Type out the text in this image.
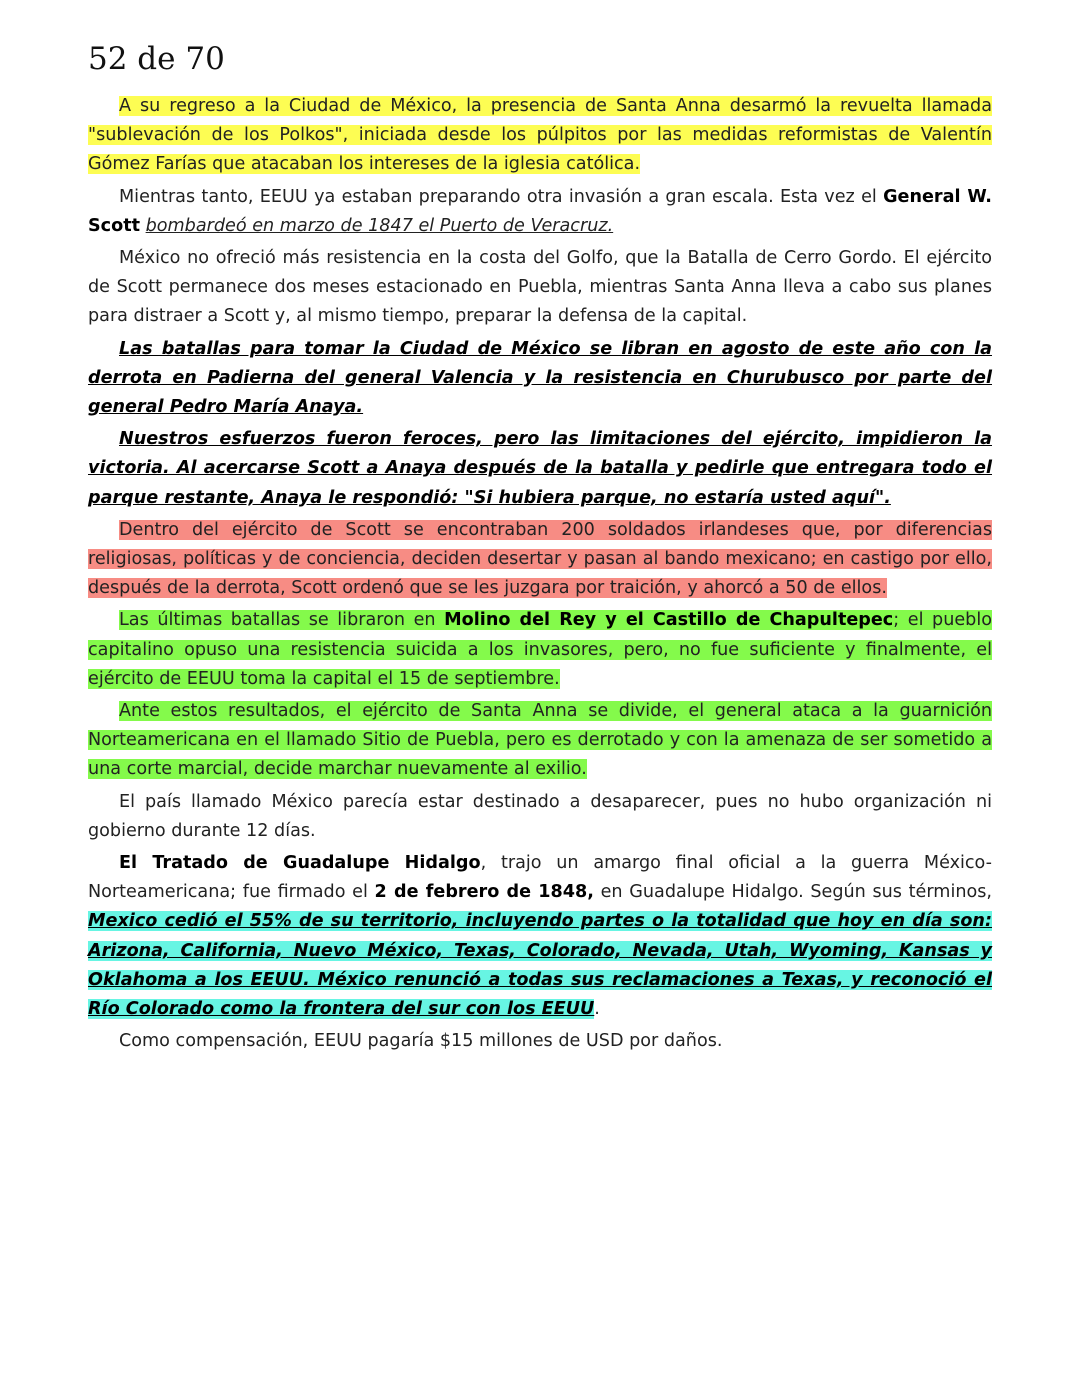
52 de 70

A su regreso a la Ciudad de México, la presencia de Santa Anna desarmó la revuelta llamada "sublevación de los Polkos", iniciada desde los púlpitos por las medidas reformistas de Valentín Gómez Farías que atacaban los intereses de la iglesia católica.

Mientras tanto, EEUU ya estaban preparando otra invasión a gran escala. Esta vez el General W. Scott bombardeó en marzo de 1847 el Puerto de Veracruz.

México no ofreció más resistencia en la costa del Golfo, que la Batalla de Cerro Gordo. El ejército de Scott permanece dos meses estacionado en Puebla, mientras Santa Anna lleva a cabo sus planes para distraer a Scott y, al mismo tiempo, preparar la defensa de la capital.

Las batallas para tomar la Ciudad de México se libran en agosto de este año con la derrota en Padierna del general Valencia y la resistencia en Churubusco por parte del general Pedro María Anaya.

Nuestros esfuerzos fueron feroces, pero las limitaciones del ejército, impidieron la victoria. Al acercarse Scott a Anaya después de la batalla y pedirle que entregara todo el parque restante, Anaya le respondió: "Si hubiera parque, no estaría usted aquí".

Dentro del ejército de Scott se encontraban 200 soldados irlandeses que, por diferencias religiosas, políticas y de conciencia, deciden desertar y pasan al bando mexicano; en castigo por ello, después de la derrota, Scott ordenó que se les juzgara por traición, y ahorcó a 50 de ellos.

Las últimas batallas se libraron en Molino del Rey y el Castillo de Chapultepec; el pueblo capitalino opuso una resistencia suicida a los invasores, pero, no fue suficiente y finalmente, el ejército de EEUU toma la capital el 15 de septiembre.

Ante estos resultados, el ejército de Santa Anna se divide, el general ataca a la guarnición Norteamericana en el llamado Sitio de Puebla, pero es derrotado y con la amenaza de ser sometido a una corte marcial, decide marchar nuevamente al exilio.

El país llamado México parecía estar destinado a desaparecer, pues no hubo organización ni gobierno durante 12 días.

El Tratado de Guadalupe Hidalgo, trajo un amargo final oficial a la guerra México-Norteamericana; fue firmado el 2 de febrero de 1848, en Guadalupe Hidalgo. Según sus términos, Mexico cedió el 55% de su territorio, incluyendo partes o la totalidad que hoy en día son: Arizona, California, Nuevo México, Texas, Colorado, Nevada, Utah, Wyoming, Kansas y Oklahoma a los EEUU. México renunció a todas sus reclamaciones a Texas, y reconoció el Río Colorado como la frontera del sur con los EEUU.

Como compensación, EEUU pagaría $15 millones de USD por daños.
